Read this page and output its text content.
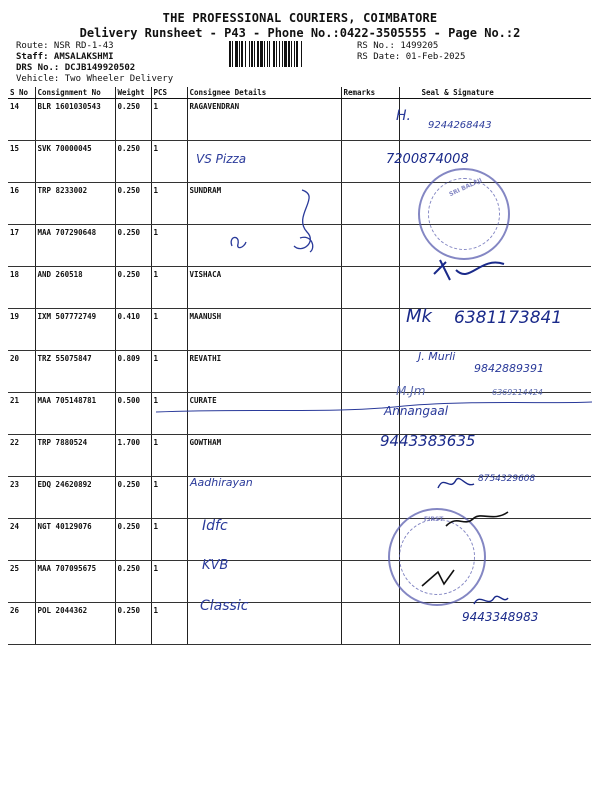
THE PROFESSIONAL COURIERS, COIMBATORE
Delivery Runsheet - P43 - Phone No.:0422-3505555 - Page No.:2
Route: NSR RD-1-43
Staff: AMSALAKSHMI
DRS No.: DCJB149920502
Vehicle: Two Wheeler Delivery
RS No.: 1499205
RS Date: 01-Feb-2025
S No	Consignment No	Weight	PCS	Consignee Details	Remarks	Seal & Signature
14	BLR 1601030543	0.250	1	RAGAVENDRAN		
15	SVK 70000045	0.250	1			
16	TRP 8233002	0.250	1	SUNDRAM		
17	MAA 707290648	0.250	1			
18	AND 260518	0.250	1	VISHACA		
19	IXM 507772749	0.410	1	MAANUSH		
20	TRZ 55075847	0.809	1	REVATHI		
21	MAA 705148781	0.500	1	CURATE		
22	TRP 7880524	1.700	1	GOWTHAM		
23	EDQ 24620892	0.250	1			
24	NGT 40129076	0.250	1			
25	MAA 707095675	0.250	1			
26	POL 2044362	0.250	1			
SRI BALAJI
FIRST
H.
9244268443
VS Pizza	7200874008
Mk 6381173841
J. Murli
9842889391
M.Jm	6369214424
Annangaal
9443383635
Aadhirayan	8754329608
Idfc
KVB
Classic
9443348983
